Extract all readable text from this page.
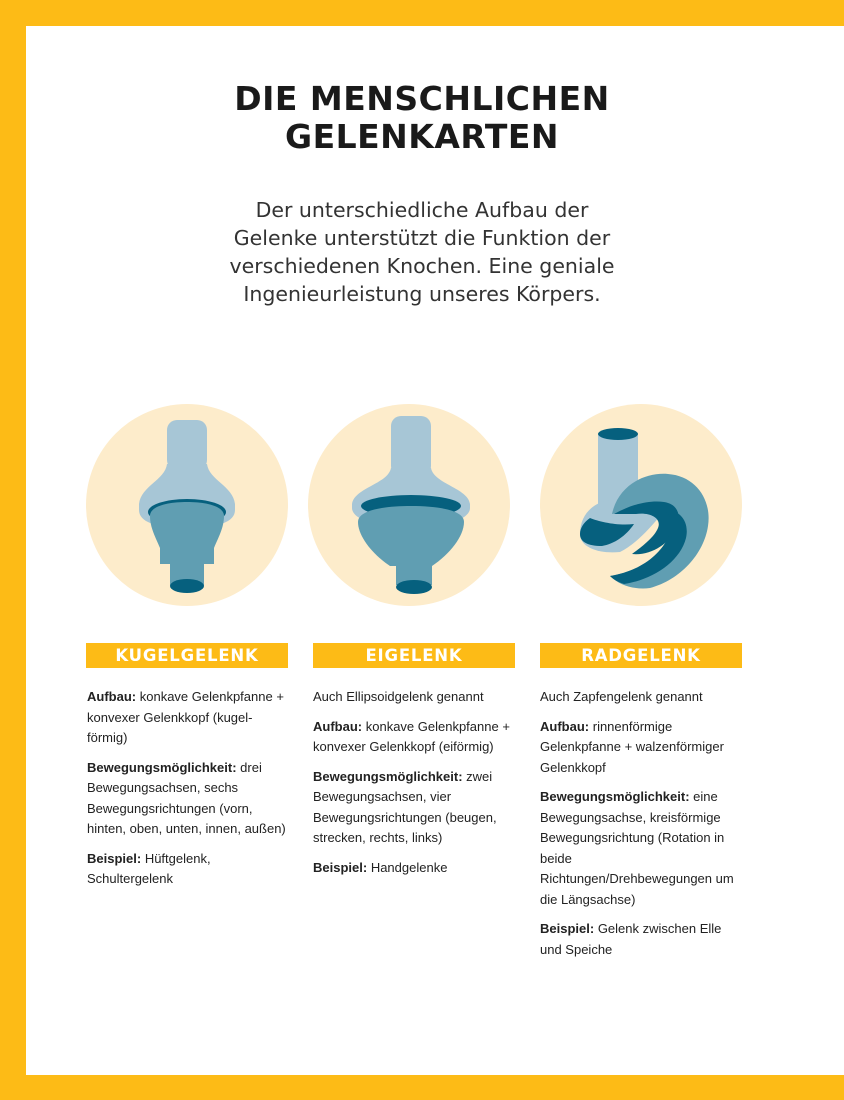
DIE MENSCHLICHEN
GELENKARTEN

Der unterschiedliche Aufbau der
Gelenke unterstützt die Funktion der
verschiedenen Knochen. Eine geniale
Ingenieurleistung unseres Körpers.

KUGELGELENK	EIGELENK	RADGELENK

Aufbau: konkave Gelenkpfanne + konvexer Gelenkkopf (kugel-förmig)

Bewegungsmöglichkeit: drei Bewegungsachsen, sechs Bewegungsrichtungen (vorn, hinten, oben, unten, innen, außen)

Beispiel: Hüftgelenk, Schultergelenk

Auch Ellipsoidgelenk genannt

Aufbau: konkave Gelenkpfanne + konvexer Gelenkkopf (eiförmig)

Bewegungsmöglichkeit: zwei Bewegungsachsen, vier Bewegungsrichtungen (beugen, strecken, rechts, links)

Beispiel: Handgelenke

Auch Zapfengelenk genannt

Aufbau: rinnenförmige Gelenkpfanne + walzenförmiger Gelenkkopf

Bewegungsmöglichkeit: eine Bewegungsachse, kreisförmige Bewegungsrichtung (Rotation in beide Richtungen/Drehbewegungen um die Längsachse)

Beispiel: Gelenk zwischen Elle und Speiche
